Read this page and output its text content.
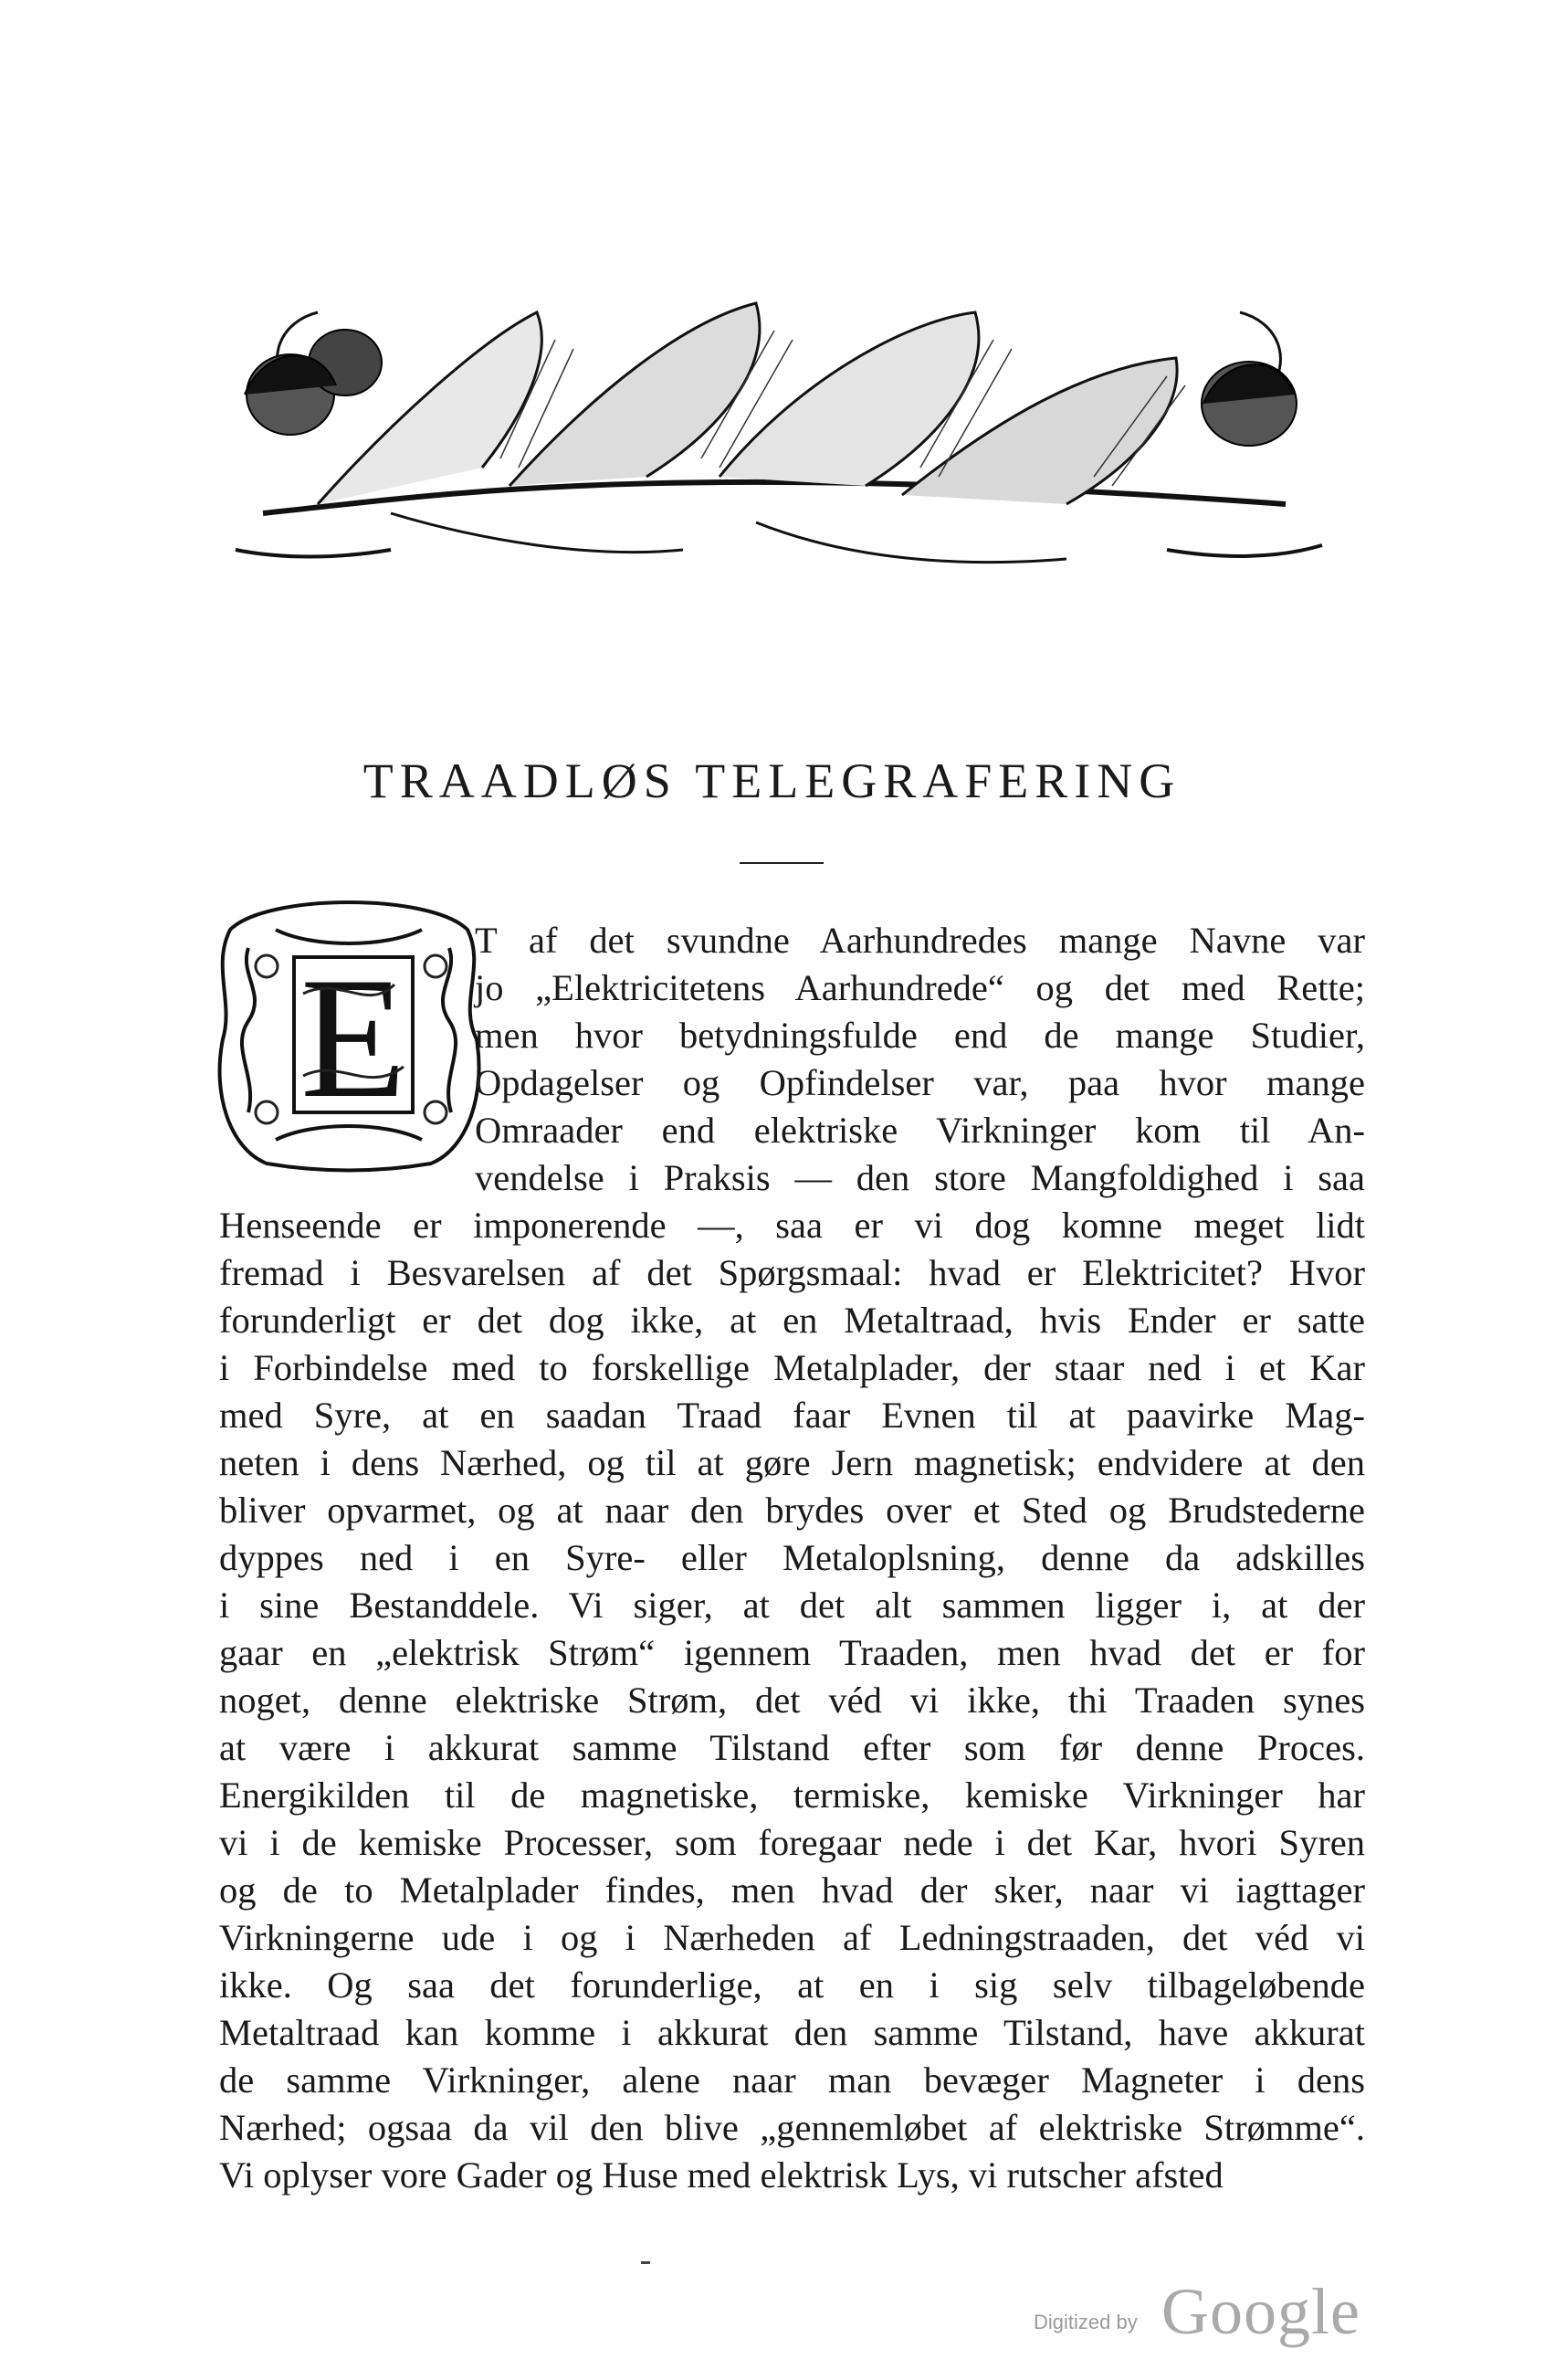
TRAADLØS TELEGRAFERING
E
T af det svundne Aarhundredes mange Navne var
jo „Elektricitetens Aarhundrede“ og det med Rette;
men hvor betydningsfulde end de mange Studier,
Opdagelser og Opfindelser var, paa hvor mange
Omraader end elektriske Virkninger kom til An-
vendelse i Praksis — den store Mangfoldighed i saa
Henseende er imponerende —, saa er vi dog komne meget lidt
fremad i Besvarelsen af det Spørgsmaal: hvad er Elektricitet? Hvor
forunderligt er det dog ikke, at en Metaltraad, hvis Ender er satte
i Forbindelse med to forskellige Metalplader, der staar ned i et Kar
med Syre, at en saadan Traad faar Evnen til at paavirke Mag-
neten i dens Nærhed, og til at gøre Jern magnetisk; endvidere at den
bliver opvarmet, og at naar den brydes over et Sted og Brudstederne
dyppes ned i en Syre- eller Metaloplsning, denne da adskilles
i sine Bestanddele. Vi siger, at det alt sammen ligger i, at der
gaar en „elektrisk Strøm“ igennem Traaden, men hvad det er for
noget, denne elektriske Strøm, det véd vi ikke, thi Traaden synes
at være i akkurat samme Tilstand efter som før denne Proces.
Energikilden til de magnetiske, termiske, kemiske Virkninger har
vi i de kemiske Processer, som foregaar nede i det Kar, hvori Syren
og de to Metalplader findes, men hvad der sker, naar vi iagttager
Virkningerne ude i og i Nærheden af Ledningstraaden, det véd vi
ikke. Og saa det forunderlige, at en i sig selv tilbageløbende
Metaltraad kan komme i akkurat den samme Tilstand, have akkurat
de samme Virkninger, alene naar man bevæger Magneter i dens
Nærhed; ogsaa da vil den blive „gennemløbet af elektriske Strømme“.
Vi oplyser vore Gader og Huse med elektrisk Lys, vi rutscher afsted
Digitized by Google
